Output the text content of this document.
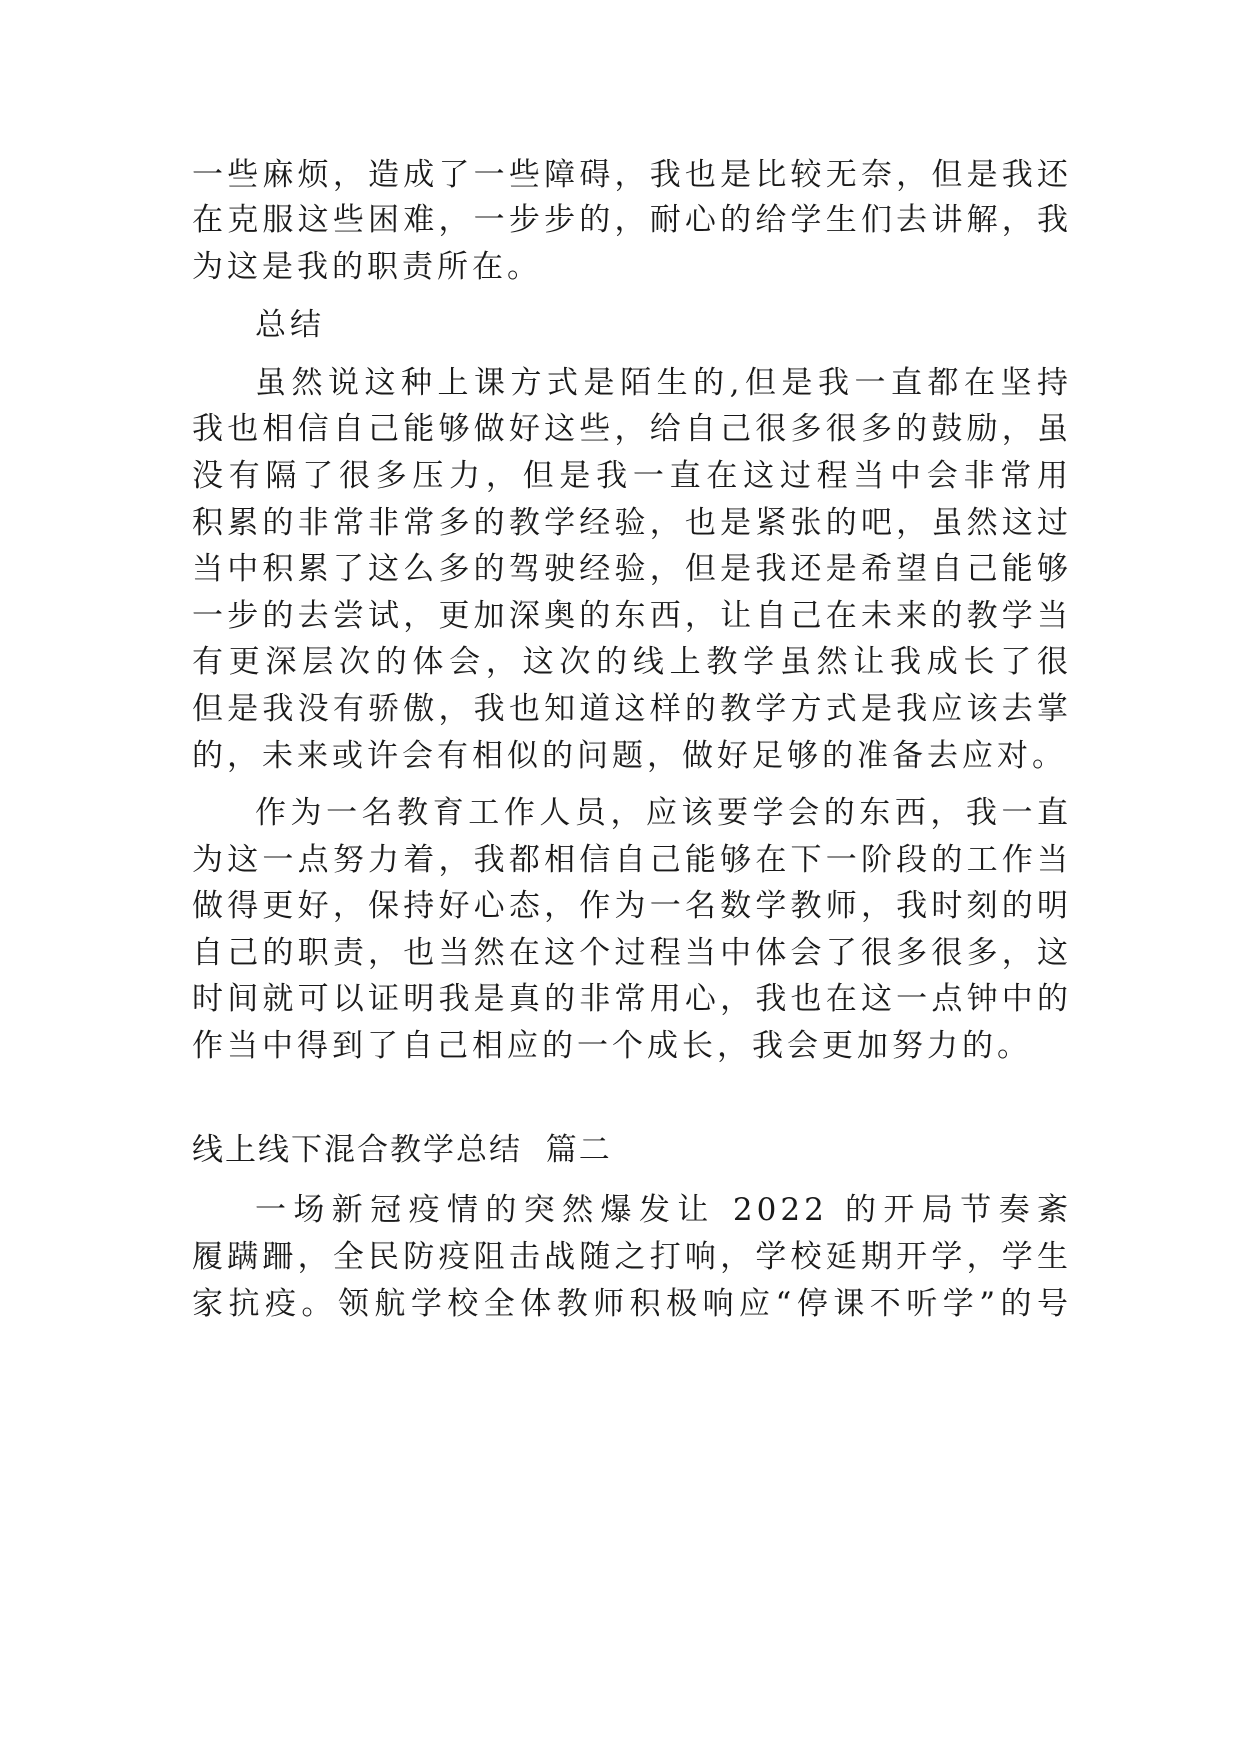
一些麻烦，造成了一些障碍，我也是比较无奈，但是我还
在克服这些困难，一步步的，耐心的给学生们去讲解，我
为这是我的职责所在。
总结
虽然说这种上课方式是陌生的,但是我一直都在坚持
我也相信自己能够做好这些，给自己很多很多的鼓励，虽
没有隔了很多压力，但是我一直在这过程当中会非常用
积累的非常非常多的教学经验，也是紧张的吧，虽然这过
当中积累了这么多的驾驶经验，但是我还是希望自己能够
一步的去尝试，更加深奥的东西，让自己在未来的教学当
有更深层次的体会，这次的线上教学虽然让我成长了很
但是我没有骄傲，我也知道这样的教学方式是我应该去掌
的，未来或许会有相似的问题，做好足够的准备去应对。
作为一名教育工作人员，应该要学会的东西，我一直
为这一点努力着，我都相信自己能够在下一阶段的工作当
做得更好，保持好心态，作为一名数学教师，我时刻的明
自己的职责，也当然在这个过程当中体会了很多很多，这
时间就可以证明我是真的非常用心，我也在这一点钟中的
作当中得到了自己相应的一个成长，我会更加努力的。
线上线下混合教学总结  篇二
一场新冠疫情的突然爆发让 2022 的开局节奏紊
履蹒跚，全民防疫阻击战随之打响，学校延期开学，学生
家抗疫。领航学校全体教师积极响应“停课不听学”的号
